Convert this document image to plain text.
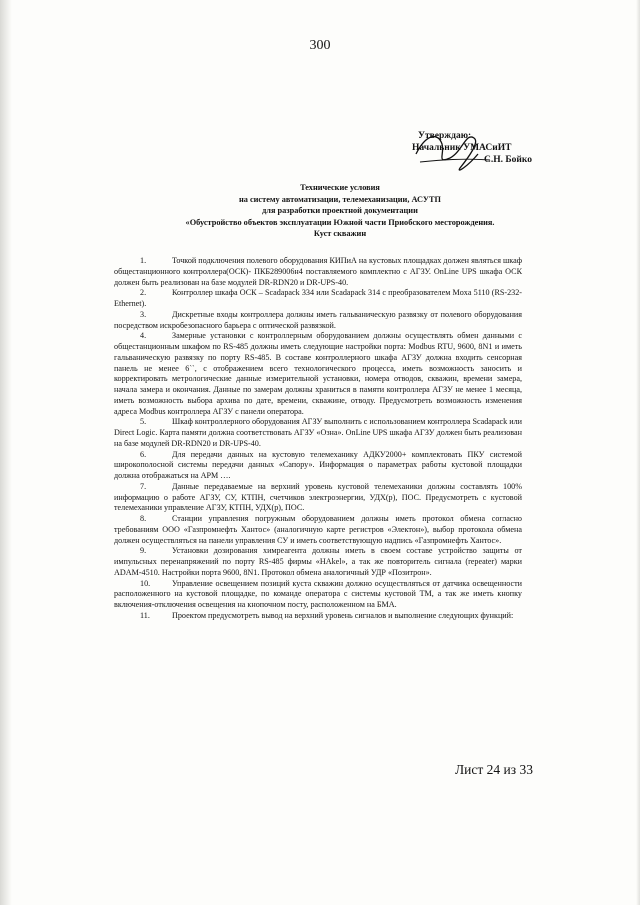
300
Утверждаю:
Начальник УМАСиИТ
С.Н. Бойко
Технические условия
на систему автоматизации, телемеханизации, АСУТП
для разработки проектной документации
«Обустройство объектов эксплуатации Южной части Приобского месторождения.
Куст скважин

1.	Точкой подключения полевого оборудования КИПиА на кустовых площадках должен являться шкаф общестанционного контроллера(ОСК)- ПКБ289006н4 поставляемого комплектно с АГЗУ. OnLine UPS шкафа ОСК должен быть реализован на базе модулей DR-RDN20 и DR-UPS-40.

2.	Контроллер шкафа ОСК – Scadapack 334 или Scadapack 314 с преобразователем Moxa 5110 (RS-232-Ethernet).

3.	Дискретные входы контроллера должны иметь гальваническую развязку от полевого оборудования посредством искробезопасного барьера с оптической развязкой.

4.	Замерные установки с контроллерным оборудованием должны осуществлять обмен данными с общестанционным шкафом по RS-485 должны иметь следующие настройки порта: Modbus RTU, 9600, 8N1 и иметь гальваническую развязку по порту RS-485. В составе контроллерного шкафа АГЗУ должна входить сенсорная панель не менее 6``, с отображением всего технологического процесса, иметь возможность заносить и корректировать метрологические данные измерительной установки, номера отводов, скважин, времени замера, начала замера и окончания. Данные по замерам должны храниться в памяти контроллера АГЗУ не менее 1 месяца, иметь возможность выбора архива по дате, времени, скважине, отводу. Предусмотреть возможность изменения адреса Modbus контроллера АГЗУ с панели оператора.

5.	Шкаф контроллерного оборудования АГЗУ выполнить с использованием контроллера Scadapack или Direct Logic. Карта памяти должна соответствовать АГЗУ «Озна». OnLine UPS шкафа АГЗУ должен быть реализован на базе модулей DR-RDN20 и DR-UPS-40.

6.	Для передачи данных на кустовую телемеханику АДКУ2000+ комплектовать ПКУ системой широкополосной системы передачи данных «Сапору». Информация о параметрах работы кустовой площадки должна отображаться на АРМ ….

7.	Данные передаваемые на верхний уровень кустовой телемеханики должны составлять 100% информацию о работе АГЗУ, СУ, КТПН, счетчиков электроэнергии, УДХ(р), ПОС. Предусмотреть с кустовой телемеханики управление АГЗУ, КТПН, УДХ(р), ПОС.

8.	Станции управления погружным оборудованием должны иметь протокол обмена согласно требованиям ООО «Газпромнефть Хантос» (аналогичную карте регистров «Электон»), выбор протокола обмена должен осуществляться на панели управления СУ и иметь соответствующую надпись «Газпромнефть Хантос».

9.	Установки дозирования химреагента должны иметь в своем составе устройство защиты от импульсных перенапряжений по порту RS-485 фирмы «HAkel», а так же повторитель сигнала (repeater) марки ADAM-4510. Настройки порта 9600, 8N1. Протокол обмена аналогичный УДР «Позитрон».

10.	Управление освещением позиций куста скважин должно осуществляться от датчика освещенности расположенного на кустовой площадке, по команде оператора с системы кустовой ТМ, а так же иметь кнопку включения-отключения освещения на кнопочном посту, расположенном на БМА.

11.	Проектом предусмотреть вывод на верхний уровень сигналов и выполнение следующих функций:

Лист 24 из 33
